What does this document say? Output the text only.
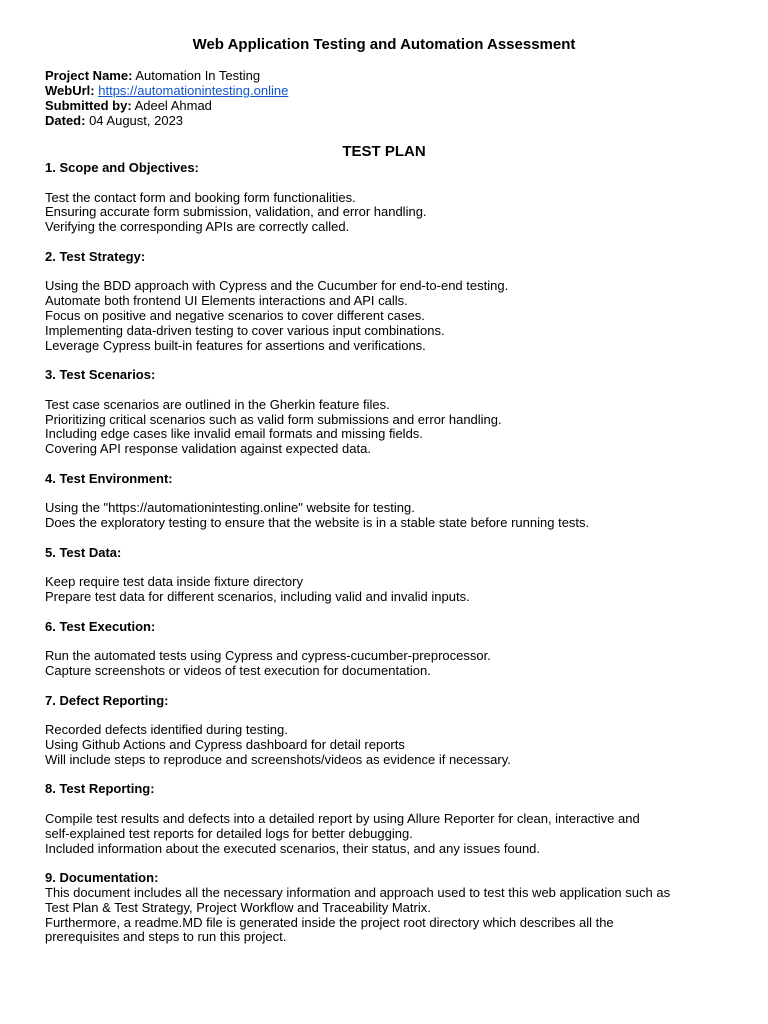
Web Application Testing and Automation Assessment
Project Name: Automation In Testing
WebUrl: https://automationintesting.online
Submitted by: Adeel Ahmad
Dated: 04 August, 2023
TEST PLAN
1. Scope and Objectives:
Test the contact form and booking form functionalities.
Ensuring accurate form submission, validation, and error handling.
Verifying the corresponding APIs are correctly called.
2. Test Strategy:
Using the BDD approach with Cypress and the Cucumber for end-to-end testing.
Automate both frontend UI Elements interactions and API calls.
Focus on positive and negative scenarios to cover different cases.
Implementing data-driven testing to cover various input combinations.
Leverage Cypress built-in features for assertions and verifications.
3. Test Scenarios:
Test case scenarios are outlined in the Gherkin feature files.
Prioritizing critical scenarios such as valid form submissions and error handling.
Including edge cases like invalid email formats and missing fields.
Covering API response validation against expected data.
4. Test Environment:
Using the "https://automationintesting.online" website for testing.
Does the exploratory testing to ensure that the website is in a stable state before running tests.
5. Test Data:
Keep require test data inside fixture directory
Prepare test data for different scenarios, including valid and invalid inputs.
6. Test Execution:
Run the automated tests using Cypress and cypress-cucumber-preprocessor.
Capture screenshots or videos of test execution for documentation.
7. Defect Reporting:
Recorded defects identified during testing.
Using Github Actions and Cypress dashboard for detail reports
Will include steps to reproduce and screenshots/videos as evidence if necessary.
8. Test Reporting:
Compile test results and defects into a detailed report by using Allure Reporter for clean, interactive and
self-explained test reports for detailed logs for better debugging.
Included information about the executed scenarios, their status, and any issues found.
9. Documentation:
This document includes all the necessary information and approach used to test this web application such as
Test Plan & Test Strategy, Project Workflow and Traceability Matrix.
Furthermore, a readme.MD file is generated inside the project root directory which describes all the
prerequisites and steps to run this project.
